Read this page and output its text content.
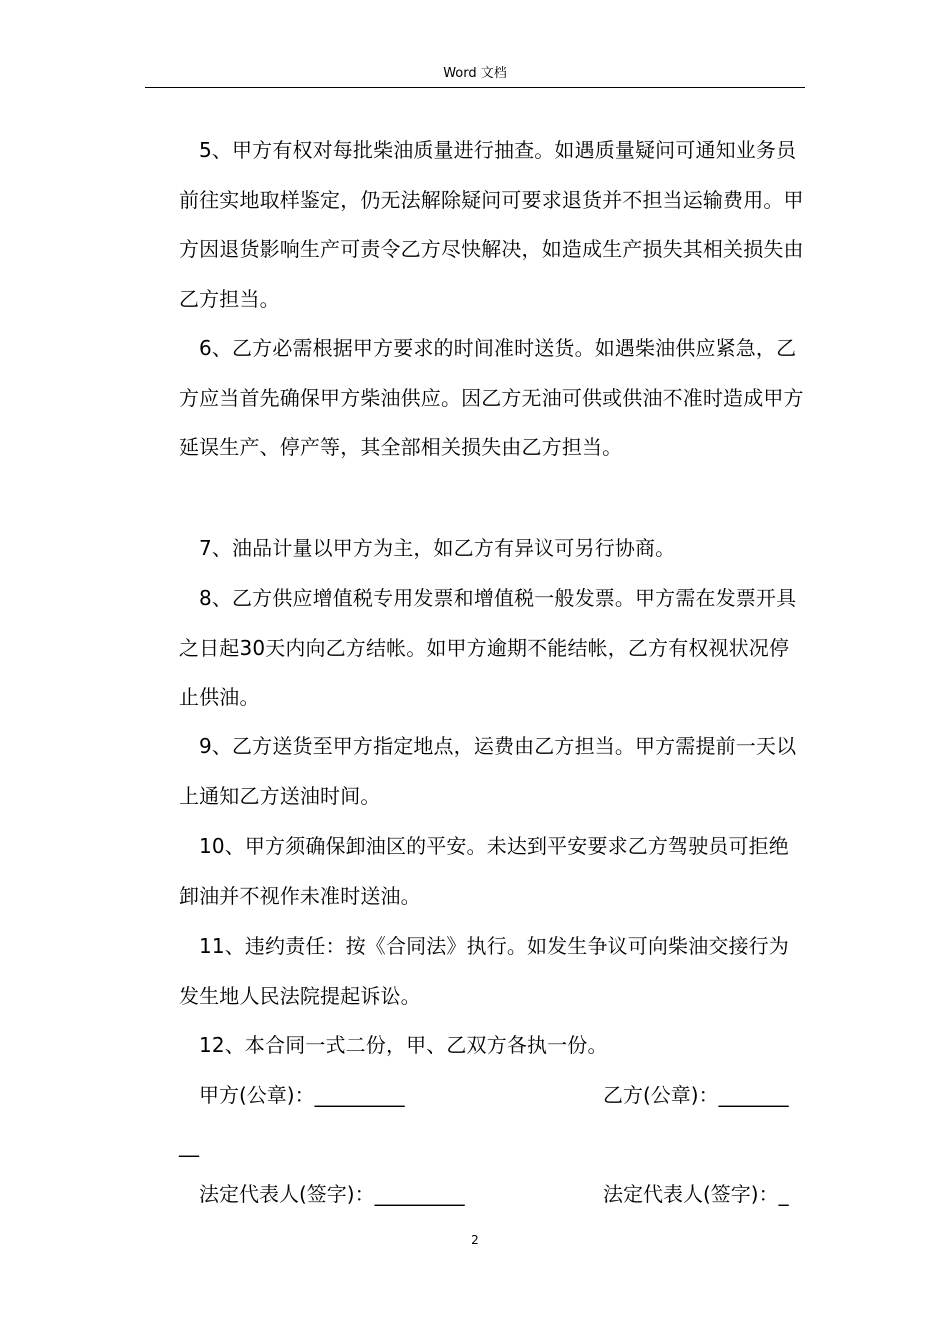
Word 文档
5、甲方有权对每批柴油质量进行抽查。如遇质量疑问可通知业务员前往实地取样鉴定，仍无法解除疑问可要求退货并不担当运输费用。甲方因退货影响生产可责令乙方尽快解决，如造成生产损失其相关损失由乙方担当。
6、乙方必需根据甲方要求的时间准时送货。如遇柴油供应紧急，乙方应当首先确保甲方柴油供应。因乙方无油可供或供油不准时造成甲方延误生产、停产等，其全部相关损失由乙方担当。
7、油品计量以甲方为主，如乙方有异议可另行协商。
8、乙方供应增值税专用发票和增值税一般发票。甲方需在发票开具之日起30天内向乙方结帐。如甲方逾期不能结帐，乙方有权视状况停止供油。
9、乙方送货至甲方指定地点，运费由乙方担当。甲方需提前一天以上通知乙方送油时间。
10、甲方须确保卸油区的平安。未达到平安要求乙方驾驶员可拒绝卸油并不视作未准时送油。
11、违约责任：按《合同法》执行。如发生争议可向柴油交接行为发生地人民法院提起诉讼。
12、本合同一式二份，甲、乙双方各执一份。
甲方(公章)：_________	乙方(公章)：_______
__
法定代表人(签字)：_________	法定代表人(签字)：_
2
